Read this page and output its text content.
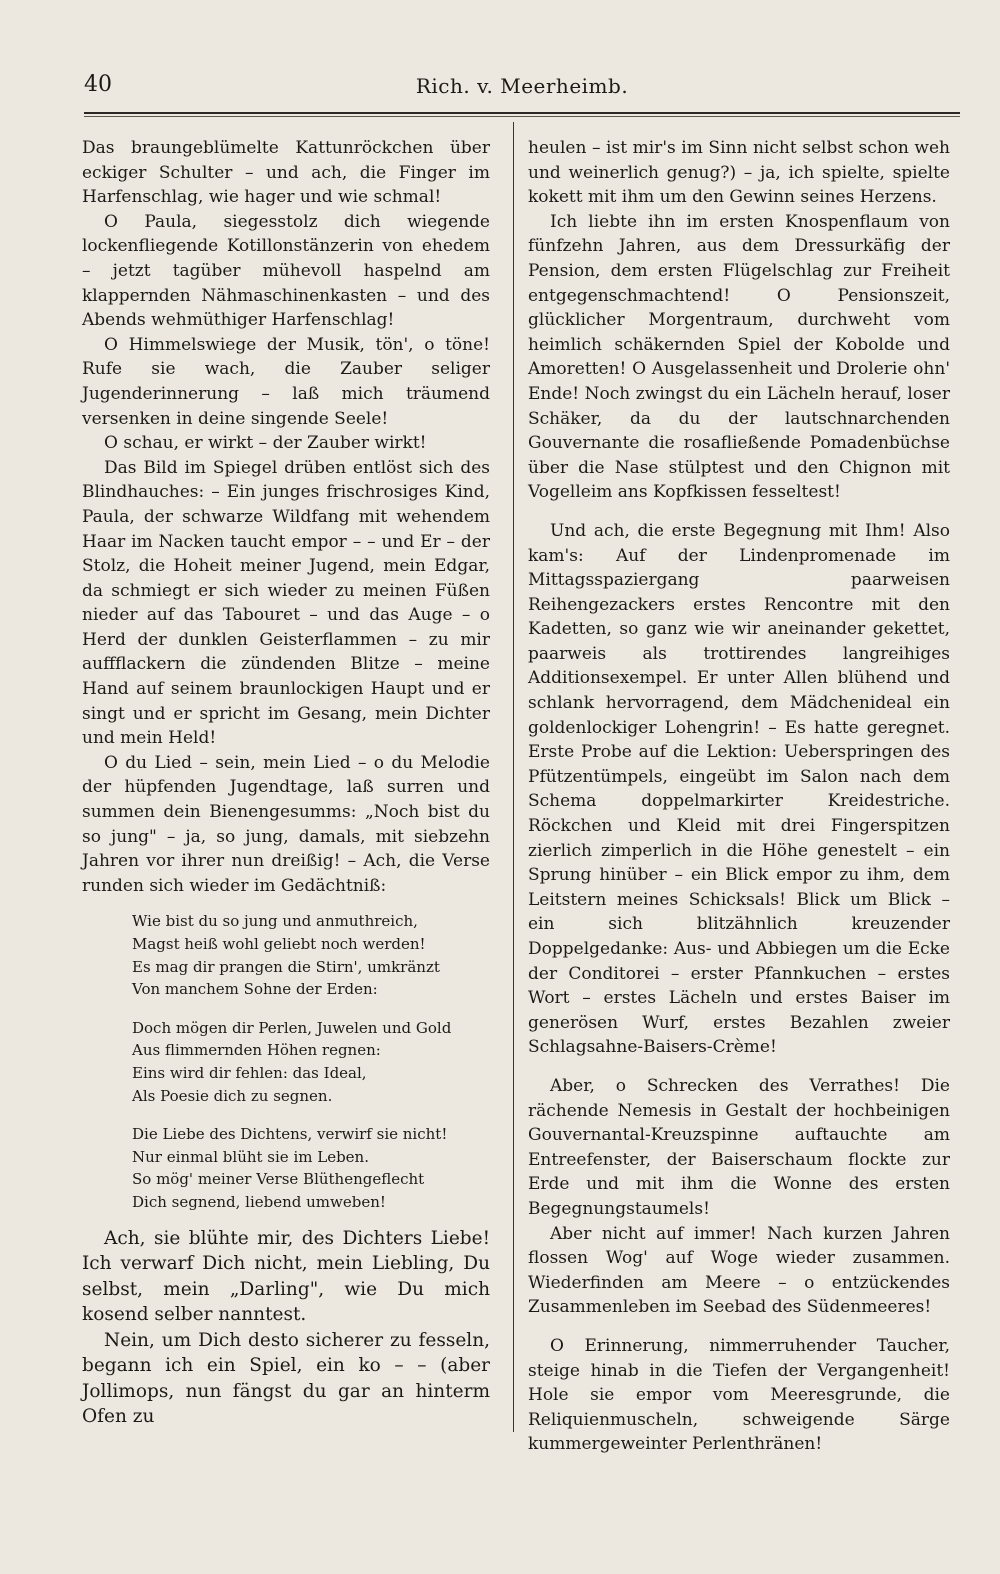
40	Rich. v. Meerheimb.

Das braungeblümelte Kattunröckchen über eckiger Schulter – und ach, die Finger im Harfenschlag, wie hager und wie schmal!

O Paula, siegesstolz dich wiegende lockenfliegende Kotillonstänzerin von ehedem – jetzt tagüber mühevoll haspelnd am klappernden Nähmaschinenkasten – und des Abends wehmüthiger Harfenschlag!

O Himmelswiege der Musik, tön', o töne! Rufe sie wach, die Zauber seliger Jugenderinnerung – laß mich träumend versenken in deine singende Seele!

O schau, er wirkt – der Zauber wirkt!

Das Bild im Spiegel drüben entlöst sich des Blindhauches: – Ein junges frischrosiges Kind, Paula, der schwarze Wildfang mit wehendem Haar im Nacken taucht empor – – und Er – der Stolz, die Hoheit meiner Jugend, mein Edgar, da schmiegt er sich wieder zu meinen Füßen nieder auf das Tabouret – und das Auge – o Herd der dunklen Geisterflammen – zu mir auffflackern die zündenden Blitze – meine Hand auf seinem braunlockigen Haupt und er singt und er spricht im Gesang, mein Dichter und mein Held!

O du Lied – sein, mein Lied – o du Melodie der hüpfenden Jugendtage, laß surren und summen dein Bienengesumms: „Noch bist du so jung" – ja, so jung, damals, mit siebzehn Jahren vor ihrer nun dreißig! – Ach, die Verse runden sich wieder im Gedächtniß:

Wie bist du so jung und anmuthreich,
Magst heiß wohl geliebt noch werden!
Es mag dir prangen die Stirn', umkränzt
Von manchem Sohne der Erden:
Doch mögen dir Perlen, Juwelen und Gold
Aus flimmernden Höhen regnen:
Eins wird dir fehlen: das Ideal,
Als Poesie dich zu segnen.
Die Liebe des Dichtens, verwirf sie nicht!
Nur einmal blüht sie im Leben.
So mög' meiner Verse Blüthengeflecht
Dich segnend, liebend umweben!

Ach, sie blühte mir, des Dichters Liebe! Ich verwarf Dich nicht, mein Liebling, Du selbst, mein „Darling", wie Du mich kosend selber nanntest.

Nein, um Dich desto sicherer zu fesseln, begann ich ein Spiel, ein ko – – (aber Jollimops, nun fängst du gar an hinterm Ofen zu

heulen – ist mir's im Sinn nicht selbst schon weh und weinerlich genug?) – ja, ich spielte, spielte kokett mit ihm um den Gewinn seines Herzens.

Ich liebte ihn im ersten Knospenflaum von fünfzehn Jahren, aus dem Dressurkäfig der Pension, dem ersten Flügelschlag zur Freiheit entgegenschmachtend! O Pensionszeit, glücklicher Morgentraum, durchweht vom heimlich schäkernden Spiel der Kobolde und Amoretten! O Ausgelassenheit und Drolerie ohn' Ende! Noch zwingst du ein Lächeln herauf, loser Schäker, da du der lautschnarchenden Gouvernante die rosafließende Pomadenbüchse über die Nase stülptest und den Chignon mit Vogelleim ans Kopfkissen fesseltest!

Und ach, die erste Begegnung mit Ihm! Also kam's: Auf der Lindenpromenade im Mittagsspaziergang paarweisen Reihengezackers erstes Rencontre mit den Kadetten, so ganz wie wir aneinander gekettet, paarweis als trottirendes langreihiges Additionsexempel. Er unter Allen blühend und schlank hervorragend, dem Mädchenideal ein goldenlockiger Lohengrin! – Es hatte geregnet. Erste Probe auf die Lektion: Ueberspringen des Pfützentümpels, eingeübt im Salon nach dem Schema doppelmarkirter Kreidestriche. Röckchen und Kleid mit drei Fingerspitzen zierlich zimperlich in die Höhe genestelt – ein Sprung hinüber – ein Blick empor zu ihm, dem Leitstern meines Schicksals! Blick um Blick – ein sich blitzähnlich kreuzender Doppelgedanke: Aus- und Abbiegen um die Ecke der Conditorei – erster Pfannkuchen – erstes Wort – erstes Lächeln und erstes Baiser im generösen Wurf, erstes Bezahlen zweier Schlagsahne-Baisers-Crème!

Aber, o Schrecken des Verrathes! Die rächende Nemesis in Gestalt der hochbeinigen Gouvernantal-Kreuzspinne auftauchte am Entreefenster, der Baiserschaum flockte zur Erde und mit ihm die Wonne des ersten Begegnungstaumels!

Aber nicht auf immer! Nach kurzen Jahren flossen Wog' auf Woge wieder zusammen. Wiederfinden am Meere – o entzückendes Zusammenleben im Seebad des Südenmeeres!

O Erinnerung, nimmerruhender Taucher, steige hinab in die Tiefen der Vergangenheit! Hole sie empor vom Meeresgrunde, die Reliquienmuscheln, schweigende Särge kummergeweinter Perlenthränen!
